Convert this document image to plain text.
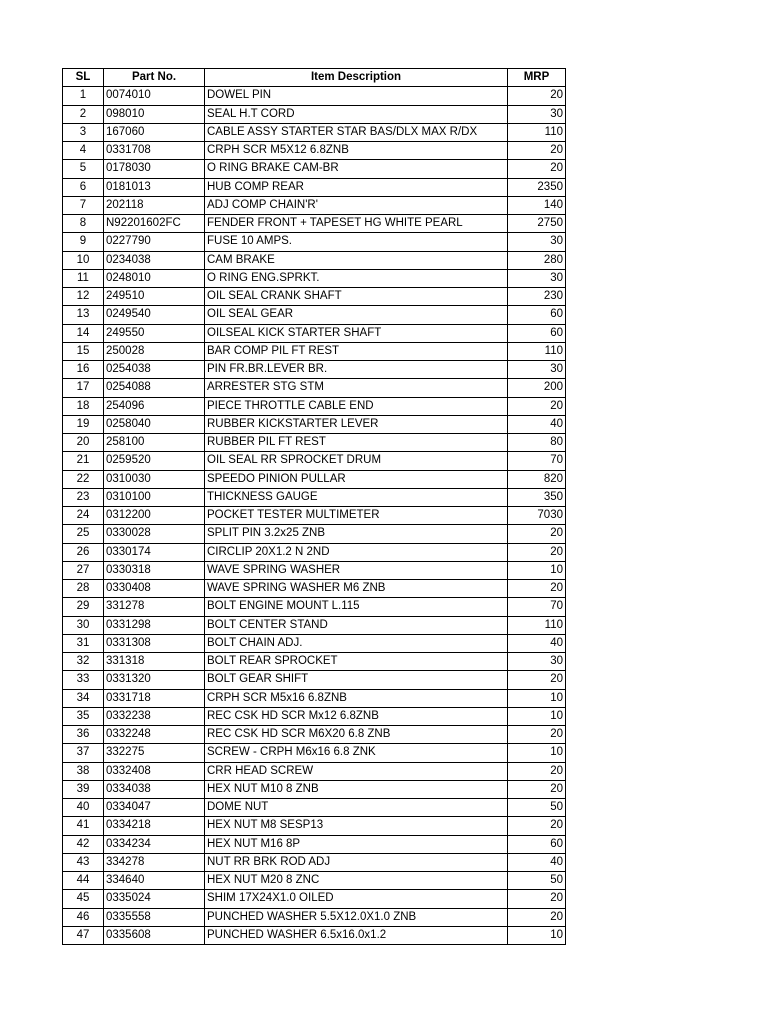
SL	Part No.	Item Description	MRP
1	0074010	DOWEL PIN	20
2	098010	SEAL H.T CORD	30
3	167060	CABLE ASSY STARTER STAR BAS/DLX MAX R/DX	110
4	0331708	CRPH SCR M5X12 6.8ZNB	20
5	0178030	O RING BRAKE CAM-BR	20
6	0181013	HUB COMP REAR	2350
7	202118	ADJ COMP CHAIN'R'	140
8	N92201602FC	FENDER FRONT + TAPESET HG WHITE PEARL	2750
9	0227790	FUSE 10 AMPS.	30
10	0234038	CAM BRAKE	280
11	0248010	O RING ENG.SPRKT.	30
12	249510	OIL SEAL CRANK SHAFT	230
13	0249540	OIL SEAL GEAR	60
14	249550	OILSEAL KICK STARTER SHAFT	60
15	250028	BAR COMP PIL FT REST	110
16	0254038	PIN FR.BR.LEVER BR.	30
17	0254088	ARRESTER STG STM	200
18	254096	PIECE THROTTLE CABLE END	20
19	0258040	RUBBER KICKSTARTER LEVER	40
20	258100	RUBBER PIL FT REST	80
21	0259520	OIL SEAL RR SPROCKET DRUM	70
22	0310030	SPEEDO PINION PULLAR	820
23	0310100	THICKNESS GAUGE	350
24	0312200	POCKET TESTER MULTIMETER	7030
25	0330028	SPLIT PIN 3.2x25 ZNB	20
26	0330174	CIRCLIP 20X1.2 N 2ND	20
27	0330318	WAVE SPRING WASHER	10
28	0330408	WAVE SPRING WASHER M6 ZNB	20
29	331278	BOLT ENGINE MOUNT L.115	70
30	0331298	BOLT CENTER STAND	110
31	0331308	BOLT CHAIN ADJ.	40
32	331318	BOLT REAR SPROCKET	30
33	0331320	BOLT GEAR SHIFT	20
34	0331718	CRPH SCR M5x16 6.8ZNB	10
35	0332238	REC CSK HD SCR Mx12 6.8ZNB	10
36	0332248	REC CSK HD SCR M6X20 6.8 ZNB	20
37	332275	SCREW - CRPH M6x16 6.8 ZNK	10
38	0332408	CRR HEAD SCREW	20
39	0334038	HEX NUT M10 8 ZNB	20
40	0334047	DOME NUT	50
41	0334218	HEX NUT M8 SESP13	20
42	0334234	HEX NUT M16 8P	60
43	334278	NUT RR BRK ROD ADJ	40
44	334640	HEX NUT M20 8 ZNC	50
45	0335024	SHIM 17X24X1.0 OILED	20
46	0335558	PUNCHED WASHER 5.5X12.0X1.0 ZNB	20
47	0335608	PUNCHED WASHER 6.5x16.0x1.2	10
